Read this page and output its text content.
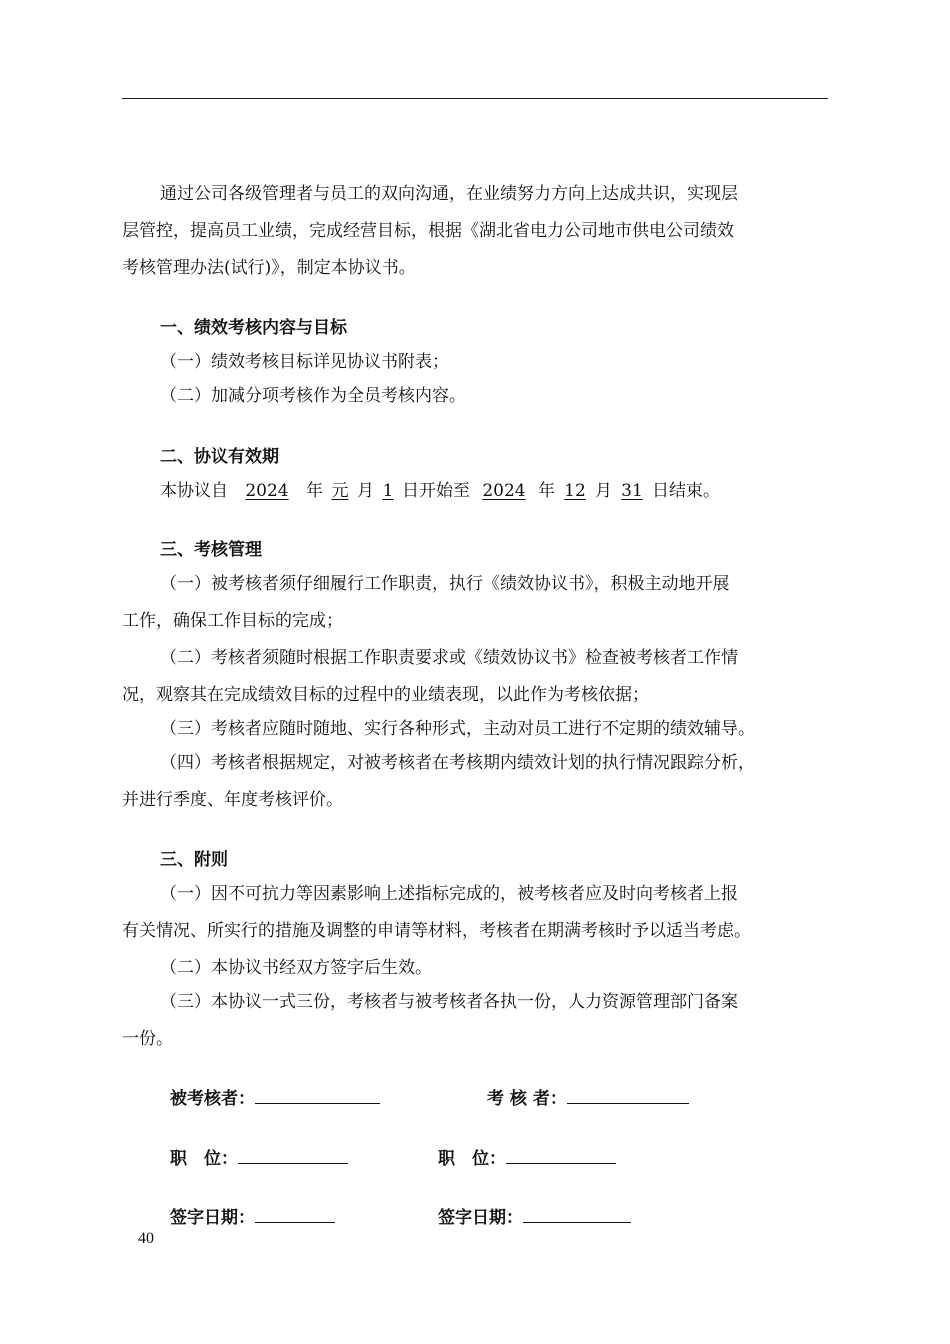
通过公司各级管理者与员工的双向沟通，在业绩努力方向上达成共识，实现层
层管控，提高员工业绩，完成经营目标，根据《湖北省电力公司地市供电公司绩效
考核管理办法(试行)》，制定本协议书。
一、绩效考核内容与目标
（一）绩效考核目标详见协议书附表；
（二）加减分项考核作为全员考核内容。
二、协议有效期
本协议自 2024 年 元 月 1 日开始至 2024 年 12 月 31 日结束。
三、考核管理
（一）被考核者须仔细履行工作职责，执行《绩效协议书》，积极主动地开展
工作，确保工作目标的完成；
（二）考核者须随时根据工作职责要求或《绩效协议书》检查被考核者工作情
况，观察其在完成绩效目标的过程中的业绩表现，以此作为考核依据；
（三）考核者应随时随地、实行各种形式，主动对员工进行不定期的绩效辅导。
（四）考核者根据规定，对被考核者在考核期内绩效计划的执行情况跟踪分析，
并进行季度、年度考核评价。
三、附则
（一）因不可抗力等因素影响上述指标完成的，被考核者应及时向考核者上报
有关情况、所实行的措施及调整的申请等材料，考核者在期满考核时予以适当考虑。
（二）本协议书经双方签字后生效。
（三）本协议一式三份，考核者与被考核者各执一份，人力资源管理部门备案
一份。
被考核者：	考 核 者：
职　位：	职　位：
签字日期：	签字日期：
40
